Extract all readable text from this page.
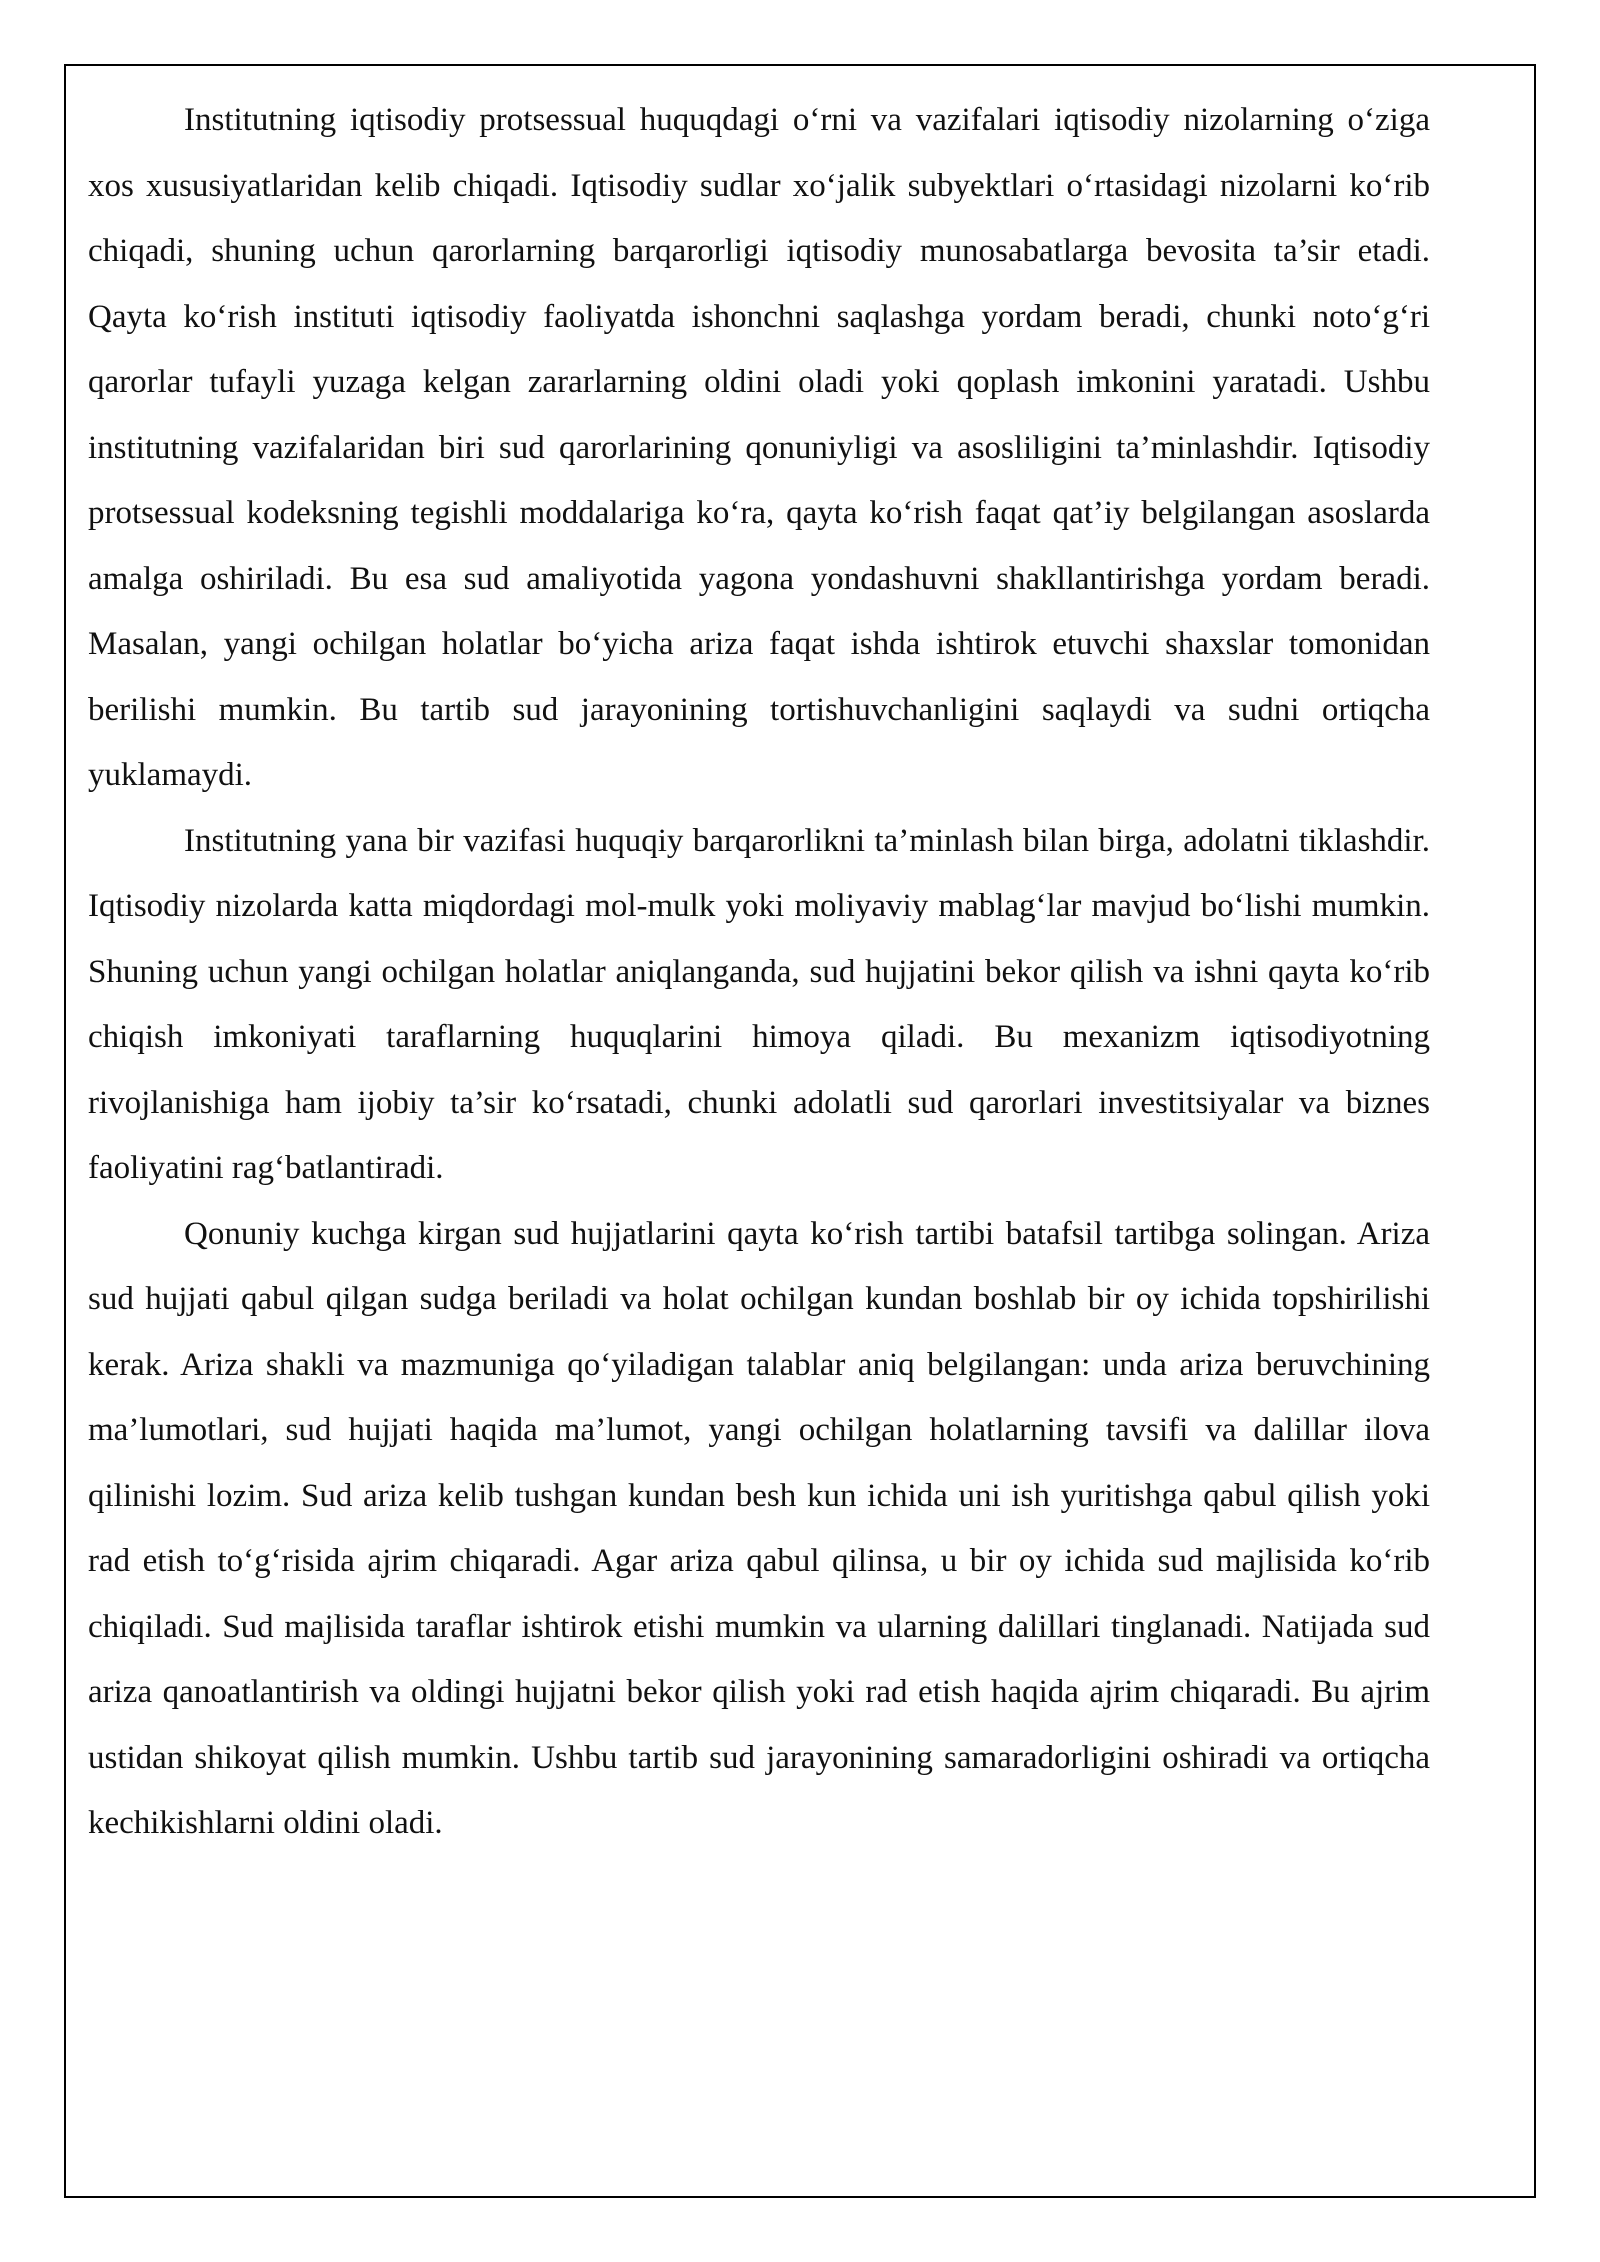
Institutning iqtisodiy protsessual huquqdagi o‘rni va vazifalari iqtisodiy nizolarning o‘ziga xos xususiyatlaridan kelib chiqadi. Iqtisodiy sudlar xo‘jalik subyektlari o‘rtasidagi nizolarni ko‘rib chiqadi, shuning uchun qarorlarning barqarorligi iqtisodiy munosabatlarga bevosita ta’sir etadi. Qayta ko‘rish instituti iqtisodiy faoliyatda ishonchni saqlashga yordam beradi, chunki noto‘g‘ri qarorlar tufayli yuzaga kelgan zararlarning oldini oladi yoki qoplash imkonini yaratadi. Ushbu institutning vazifalaridan biri sud qarorlarining qonuniyligi va asosliligini ta’minlashdir. Iqtisodiy protsessual kodeksning tegishli moddalariga ko‘ra, qayta ko‘rish faqat qat’iy belgilangan asoslarda amalga oshiriladi. Bu esa sud amaliyotida yagona yondashuvni shakllantirishga yordam beradi. Masalan, yangi ochilgan holatlar bo‘yicha ariza faqat ishda ishtirok etuvchi shaxslar tomonidan berilishi mumkin. Bu tartib sud jarayonining tortishuvchanligini saqlaydi va sudni ortiqcha yuklamaydi.

Institutning yana bir vazifasi huquqiy barqarorlikni ta’minlash bilan birga, adolatni tiklashdir. Iqtisodiy nizolarda katta miqdordagi mol-mulk yoki moliyaviy mablag‘lar mavjud bo‘lishi mumkin. Shuning uchun yangi ochilgan holatlar aniqlanganda, sud hujjatini bekor qilish va ishni qayta ko‘rib chiqish imkoniyati taraflarning huquqlarini himoya qiladi. Bu mexanizm iqtisodiyotning rivojlanishiga ham ijobiy ta’sir ko‘rsatadi, chunki adolatli sud qarorlari investitsiyalar va biznes faoliyatini rag‘batlantiradi.

Qonuniy kuchga kirgan sud hujjatlarini qayta ko‘rish tartibi batafsil tartibga solingan. Ariza sud hujjati qabul qilgan sudga beriladi va holat ochilgan kundan boshlab bir oy ichida topshirilishi kerak. Ariza shakli va mazmuniga qo‘yiladigan talablar aniq belgilangan: unda ariza beruvchining ma’lumotlari, sud hujjati haqida ma’lumot, yangi ochilgan holatlarning tavsifi va dalillar ilova qilinishi lozim. Sud ariza kelib tushgan kundan besh kun ichida uni ish yuritishga qabul qilish yoki rad etish to‘g‘risida ajrim chiqaradi. Agar ariza qabul qilinsa, u bir oy ichida sud majlisida ko‘rib chiqiladi. Sud majlisida taraflar ishtirok etishi mumkin va ularning dalillari tinglanadi. Natijada sud ariza qanoatlantirish va oldingi hujjatni bekor qilish yoki rad etish haqida ajrim chiqaradi. Bu ajrim ustidan shikoyat qilish mumkin. Ushbu tartib sud jarayonining samaradorligini oshiradi va ortiqcha kechikishlarni oldini oladi.
